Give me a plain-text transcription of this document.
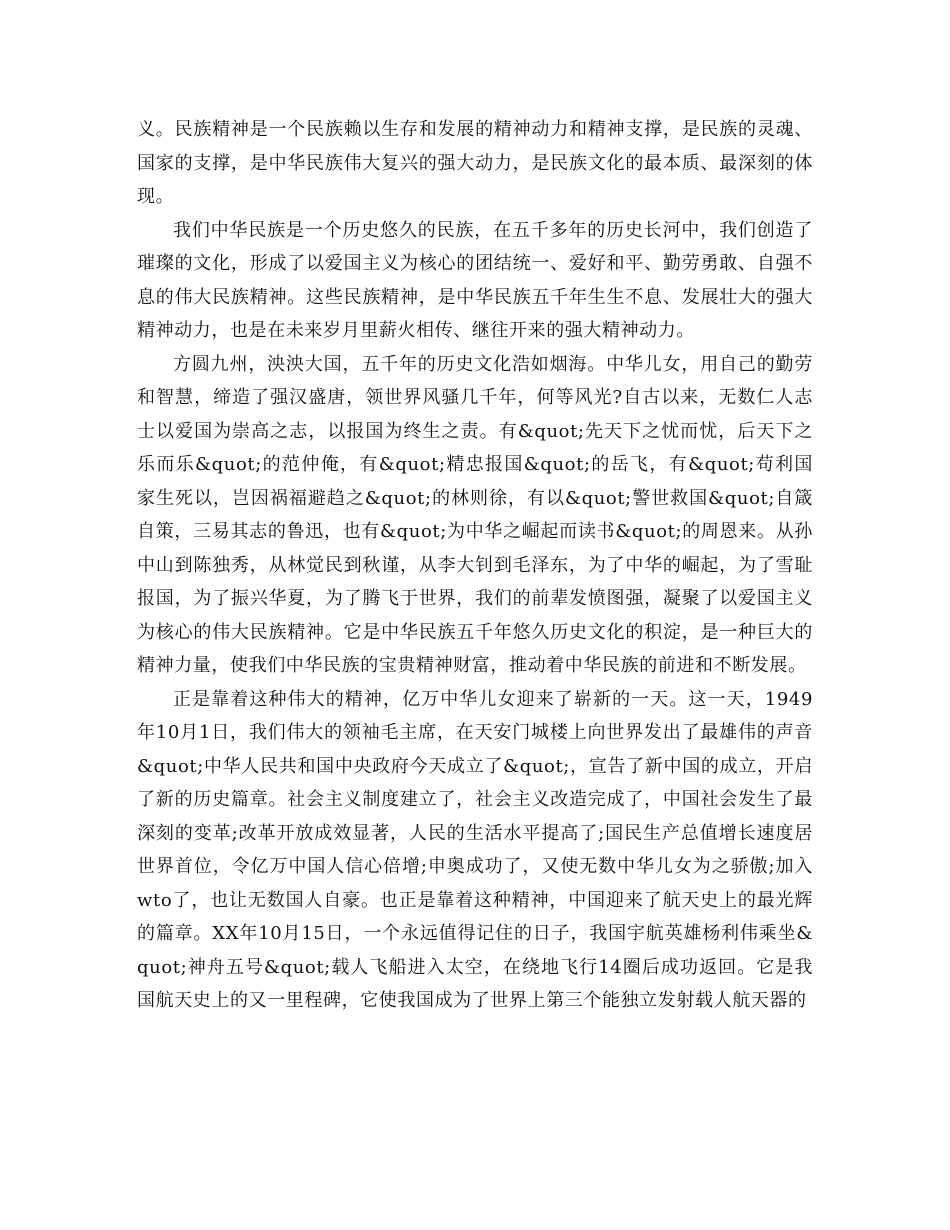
义。民族精神是一个民族赖以生存和发展的精神动力和精神支撑，是民族的灵魂、国家的支撑，是中华民族伟大复兴的强大动力，是民族文化的最本质、最深刻的体现。

我们中华民族是一个历史悠久的民族，在五千多年的历史长河中，我们创造了璀璨的文化，形成了以爱国主义为核心的团结统一、爱好和平、勤劳勇敢、自强不息的伟大民族精神。这些民族精神，是中华民族五千年生生不息、发展壮大的强大精神动力，也是在未来岁月里薪火相传、继往开来的强大精神动力。

方圆九州，泱泱大国，五千年的历史文化浩如烟海。中华儿女，用自己的勤劳和智慧，缔造了强汉盛唐，领世界风骚几千年，何等风光?自古以来，无数仁人志士以爱国为崇高之志，以报国为终生之责。有&quot;先天下之忧而忧，后天下之乐而乐&quot;的范仲俺，有&quot;精忠报国&quot;的岳飞，有&quot;苟利国家生死以，岂因祸福避趋之&quot;的林则徐，有以&quot;警世救国&quot;自箴自策，三易其志的鲁迅，也有&quot;为中华之崛起而读书&quot;的周恩来。从孙中山到陈独秀，从林觉民到秋谨，从李大钊到毛泽东，为了中华的崛起，为了雪耻报国，为了振兴华夏，为了腾飞于世界，我们的前辈发愤图强，凝聚了以爱国主义为核心的伟大民族精神。它是中华民族五千年悠久历史文化的积淀，是一种巨大的精神力量，使我们中华民族的宝贵精神财富，推动着中华民族的前进和不断发展。

正是靠着这种伟大的精神，亿万中华儿女迎来了崭新的一天。这一天，1949年10月1日，我们伟大的领袖毛主席，在天安门城楼上向世界发出了最雄伟的声音&quot;中华人民共和国中央政府今天成立了&quot;，宣告了新中国的成立，开启了新的历史篇章。社会主义制度建立了，社会主义改造完成了，中国社会发生了最深刻的变革;改革开放成效显著，人民的生活水平提高了;国民生产总值增长速度居世界首位，令亿万中国人信心倍增;申奥成功了，又使无数中华儿女为之骄傲;加入wto了，也让无数国人自豪。也正是靠着这种精神，中国迎来了航天史上的最光辉的篇章。XX年10月15日，一个永远值得记住的日子，我国宇航英雄杨利伟乘坐&quot;神舟五号&quot;载人飞船进入太空，在绕地飞行14圈后成功返回。它是我国航天史上的又一里程碑，它使我国成为了世界上第三个能独立发射载人航天器的
